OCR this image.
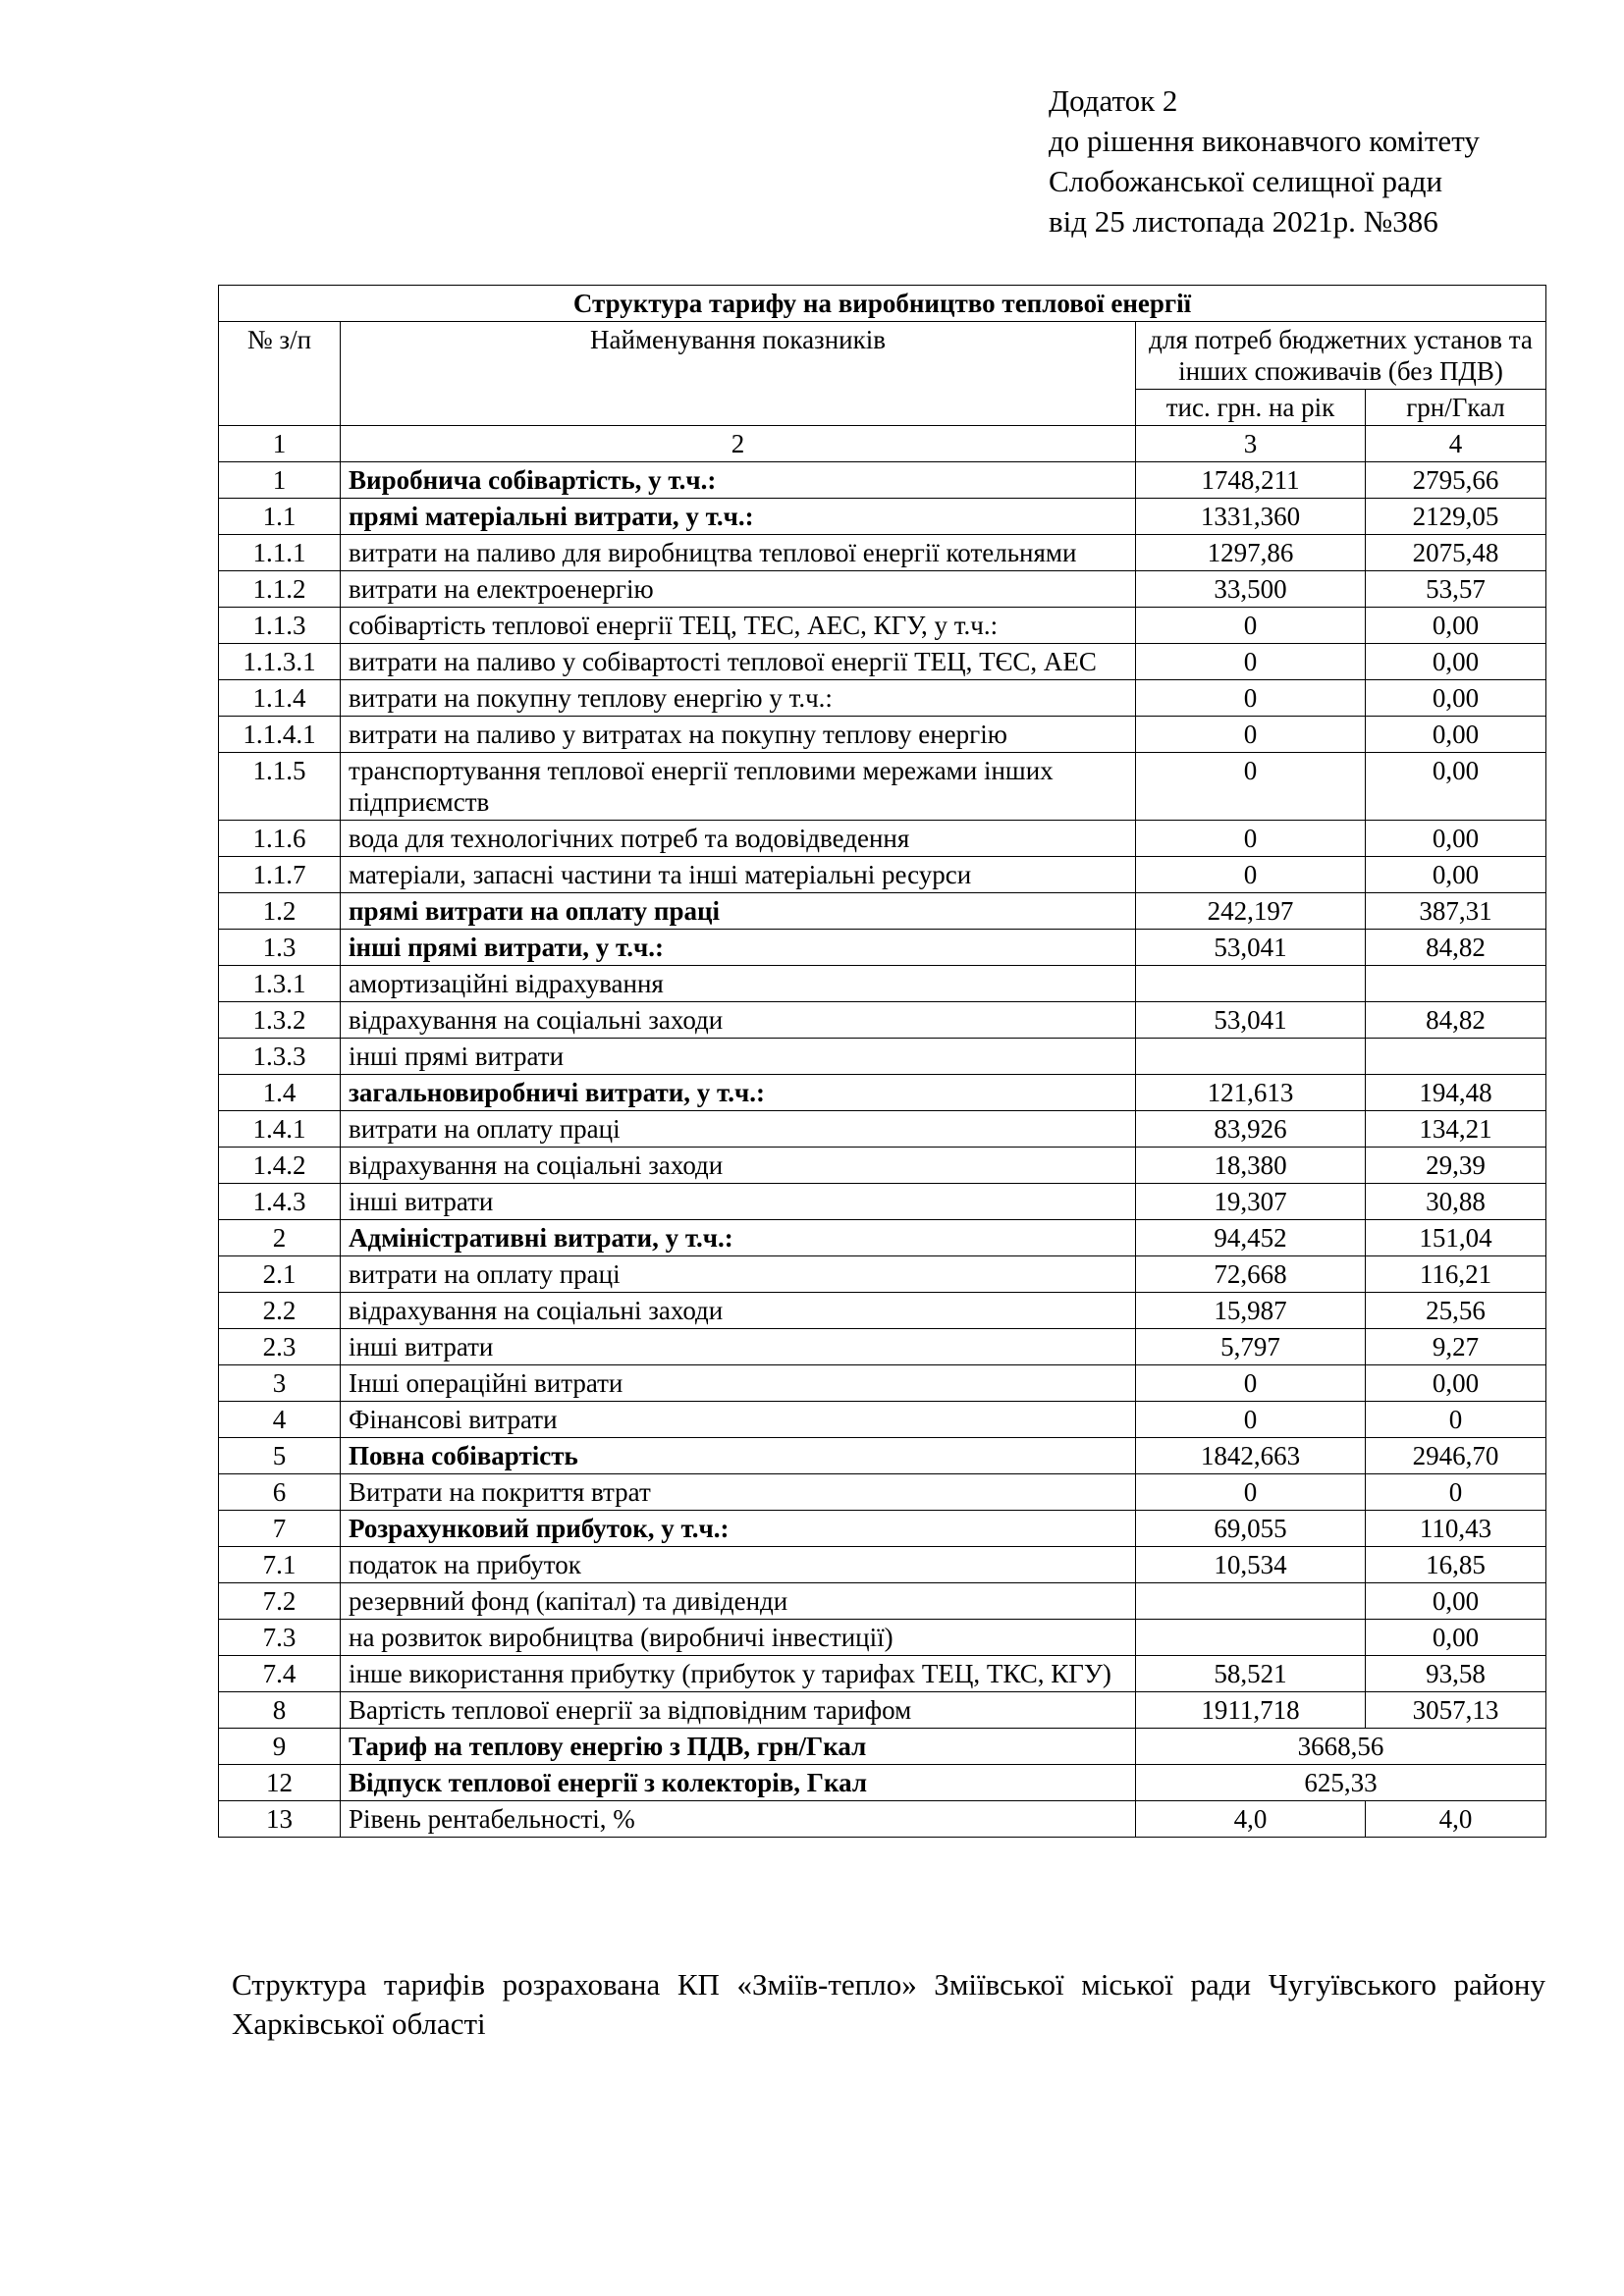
Додаток 2
до рішення виконавчого комітету
Слобожанської селищної ради
від 25 листопада 2021р. №386
Структура тарифу на виробництво теплової енергії			
№ з/п	Найменування показників	для потреб бюджетних установ та інших споживачів (без ПДВ)	
		тис. грн. на рік	грн/Гкал
1	2	3	4
1	Виробнича собівартість, у т.ч.:	1748,211	2795,66
1.1	прямі матеріальні витрати, у т.ч.:	1331,360	2129,05
1.1.1	витрати на паливо для виробництва теплової енергії котельнями	1297,86	2075,48
1.1.2	витрати на електроенергію	33,500	53,57
1.1.3	собівартість теплової енергії ТЕЦ, ТЕС, АЕС, КГУ, у т.ч.:	0	0,00
1.1.3.1	витрати на паливо у собівартості теплової енергії ТЕЦ, ТЄС, АЕС	0	0,00
1.1.4	витрати на покупну теплову енергію у т.ч.:	0	0,00
1.1.4.1	витрати на паливо у витратах на покупну теплову енергію	0	0,00
1.1.5	транспортування теплової енергії тепловими мережами інших підприємств	0	0,00
1.1.6	вода для технологічних потреб та водовідведення	0	0,00
1.1.7	матеріали, запасні частини та інші матеріальні ресурси	0	0,00
1.2	прямі витрати на оплату праці	242,197	387,31
1.3	інші прямі витрати, у т.ч.:	53,041	84,82
1.3.1	амортизаційні відрахування		
1.3.2	відрахування на соціальні заходи	53,041	84,82
1.3.3	інші прямі витрати		
1.4	загальновиробничі витрати, у т.ч.:	121,613	194,48
1.4.1	витрати на оплату праці	83,926	134,21
1.4.2	відрахування на соціальні заходи	18,380	29,39
1.4.3	інші витрати	19,307	30,88
2	Адміністративні витрати, у т.ч.:	94,452	151,04
2.1	витрати на оплату праці	72,668	116,21
2.2	відрахування на соціальні заходи	15,987	25,56
2.3	інші витрати	5,797	9,27
3	Інші операційні витрати	0	0,00
4	Фінансові витрати	0	0
5	Повна собівартість	1842,663	2946,70
6	Витрати на покриття втрат	0	0
7	Розрахунковий прибуток, у т.ч.:	69,055	110,43
7.1	податок на прибуток	10,534	16,85
7.2	резервний фонд (капітал) та дивіденди		0,00
7.3	на розвиток виробництва (виробничі інвестиції)		0,00
7.4	інше використання прибутку (прибуток у тарифах ТЕЦ, ТКС, КГУ)	58,521	93,58
8	Вартість теплової енергії за відповідним тарифом	1911,718	3057,13
9	Тариф на теплову енергію з ПДВ, грн/Гкал	3668,56	
12	Відпуск теплової енергії з колекторів, Гкал	625,33	
13	Рівень рентабельності, %	4,0	4,0
Структура тарифів розрахована КП «Зміїв-тепло» Зміївської міської ради Чугуївського району Харківської області
